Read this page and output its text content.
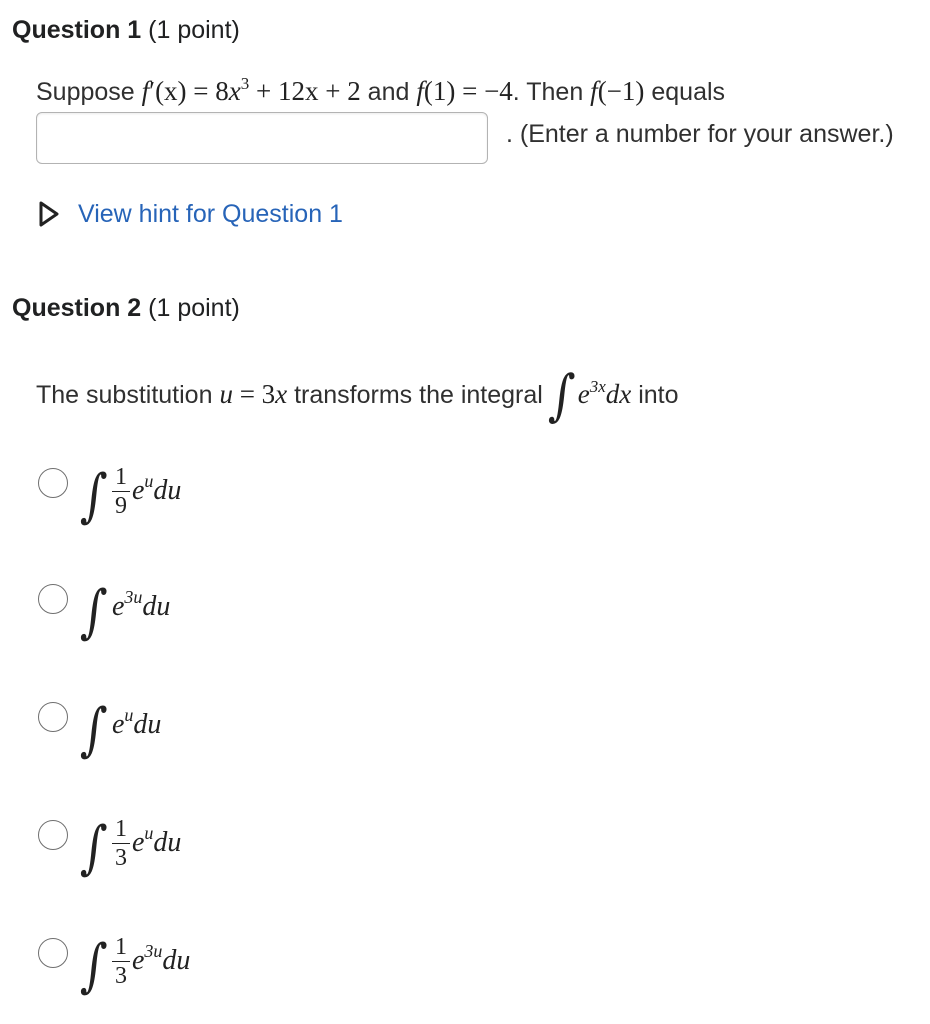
Question 1 (1 point)
Suppose $f'(x) = 8x^3 + 12x + 2$ and f(1) = −4. Then f(−1) equals
. (Enter a number for your answer.)
View hint for Question 1
Question 2 (1 point)
The substitution u = 3x transforms the integral $\int e^{3x}dx$ into
∫ $\frac{1}{9} e^udu$
∫ $e^{3u}du$
∫ $e^udu$
∫ $\frac{1}{3} e^udu$
∫ $\frac{1}{3} e^{3u}du$
